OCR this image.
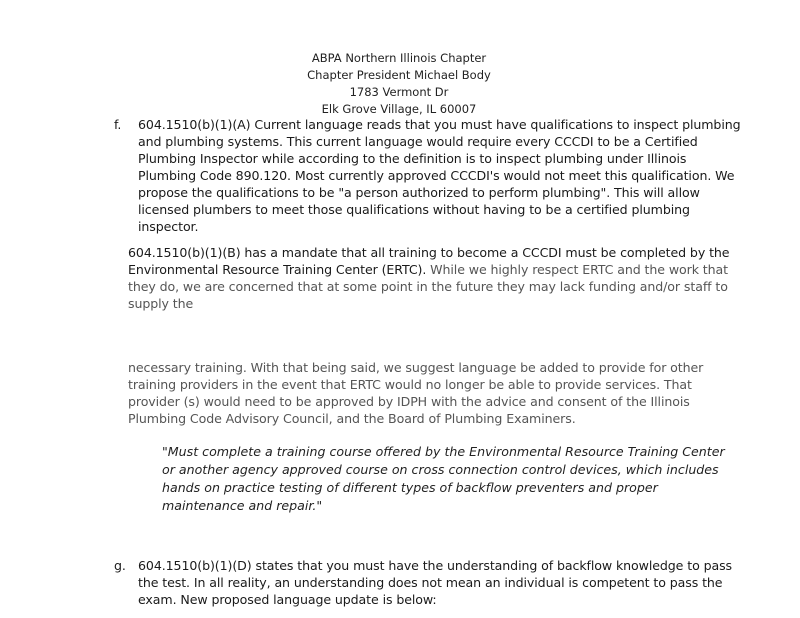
ABPA Northern Illinois Chapter
Chapter President Michael Body
1783 Vermont Dr
Elk Grove Village, IL 60007
f. 604.1510(b)(1)(A) Current language reads that you must have qualifications to inspect plumbing and plumbing systems. This current language would require every CCCDI to be a Certified Plumbing Inspector while according to the definition is to inspect plumbing under Illinois Plumbing Code 890.120. Most currently approved CCCDI's would not meet this qualification. We propose the qualifications to be "a person authorized to perform plumbing". This will allow licensed plumbers to meet those qualifications without having to be a certified plumbing inspector.
604.1510(b)(1)(B) has a mandate that all training to become a CCCDI must be completed by the Environmental Resource Training Center (ERTC). While we highly respect ERTC and the work that they do, we are concerned that at some point in the future they may lack funding and/or staff to supply the
necessary training. With that being said, we suggest language be added to provide for other training providers in the event that ERTC would no longer be able to provide services. That provider (s) would need to be approved by IDPH with the advice and consent of the Illinois Plumbing Code Advisory Council, and the Board of Plumbing Examiners.
"Must complete a training course offered by the Environmental Resource Training Center or another agency approved course on cross connection control devices, which includes hands on practice testing of different types of backflow preventers and proper maintenance and repair."
g. 604.1510(b)(1)(D) states that you must have the understanding of backflow knowledge to pass the test. In all reality, an understanding does not mean an individual is competent to pass the exam. New proposed language update is below:
